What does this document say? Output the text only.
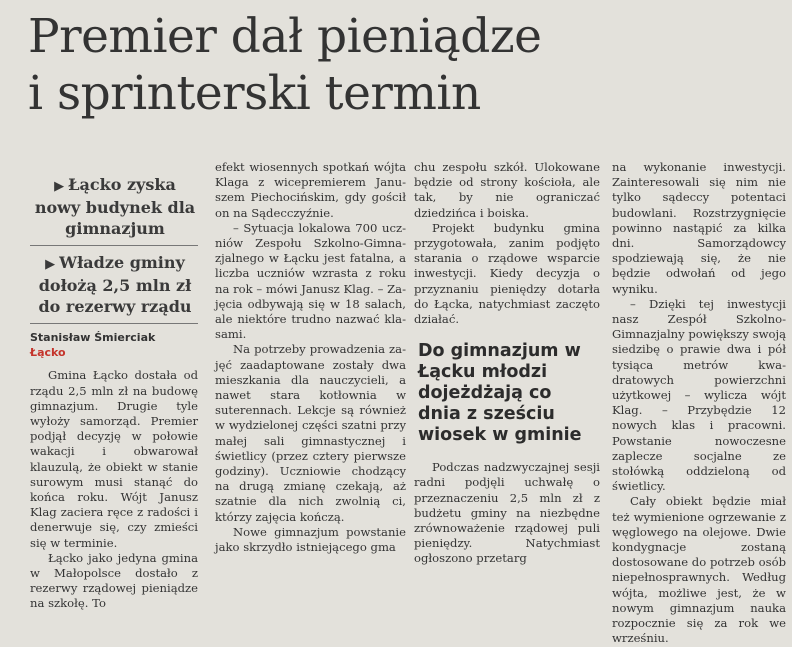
Premier dał pieniądze
i sprinterski termin
▶ Łącko zyska nowy budynek dla gimnazjum
▶ Władze gminy dołożą 2,5 mln zł do rezerwy rządu
Stanisław Śmierciak
Łącko

Gmina Łącko dostała od rządu 2,5 mln zł na budowę gimnazjum. Drugie tyle wyłoży samorząd. Premier podjął decyzję w połowie wakacji i obwarował klauzulą, że obiekt w stanie surowym musi stanąć do końca roku. Wójt Janusz Klag zaciera ręce z radości i denerwuje się, czy zmieści się w terminie.

Łącko jako jedyna gmina w Małopolsce dostało z rezerwy rządowej pieniądze na szkołę. To

efekt wiosennych spotkań wójta Klaga z wicepremierem Januszem Piechocińskim, gdy gościł on na Sądecczyźnie.

– Sytuacja lokalowa 700 uczniów Zespołu Szkolno-Gimnazjalnego w Łącku jest fatalna, a liczba uczniów wzrasta z roku na rok – mówi Janusz Klag. – Zajęcia odbywają się w 18 salach, ale niektóre trudno nazwać klasami.

Na potrzeby prowadzenia zajęć zaadaptowane zostały dwa mieszkania dla nauczycieli, a nawet stara kotłownia w suterennach. Lekcje są również w wydzielonej części szatni przy małej sali gimnastycznej i świetlicy (przez cztery pierwsze godziny). Uczniowie chodzący na drugą zmianę czekają, aż szatnie dla nich zwolnią ci, którzy zajęcia kończą.

Nowe gimnazjum powstanie jako skrzydło istniejącego gma

chu zespołu szkół. Ulokowane będzie od strony kościoła, ale tak, by nie ograniczać dziedzińca i boiska.

Projekt budynku gmina przygotowała, zanim podjęto starania o rządowe wsparcie inwestycji. Kiedy decyzja o przyznaniu pieniędzy dotarła do Łącka, natychmiast zaczęto działać.

Do gimnazjum w Łącku młodzi dojeżdżają co dnia z sześciu wiosek w gminie

Podczas nadzwyczajnej sesji radni podjęli uchwałę o przeznaczeniu 2,5 mln zł z budżetu gminy na niezbędne zrównoważenie rządowej puli pieniędzy. Natychmiast ogłoszono przetarg

na wykonanie inwestycji. Zainteresowali się nim nie tylko sądeccy potentaci budowlani. Rozstrzygnięcie powinno nastąpić za kilka dni. Samorządowcy spodziewają się, że nie będzie odwołań od jego wyniku.

– Dzięki tej inwestycji nasz Zespół Szkolno-Gimnazjalny powiększy swoją siedzibę o prawie dwa i pół tysiąca metrów kwadratowych powierzchni użytkowej – wylicza wójt Klag. – Przybędzie 12 nowych klas i pracowni. Powstanie nowoczesne zaplecze socjalne ze stołówką oddzieloną od świetlicy.

Cały obiekt będzie miał też wymienione ogrzewanie z węglowego na olejowe. Dwie kondygnacje zostaną dostosowane do potrzeb osób niepełnosprawnych. Według wójta, możliwe jest, że w nowym gimnazjum nauka rozpocznie się za rok we wrześniu.
